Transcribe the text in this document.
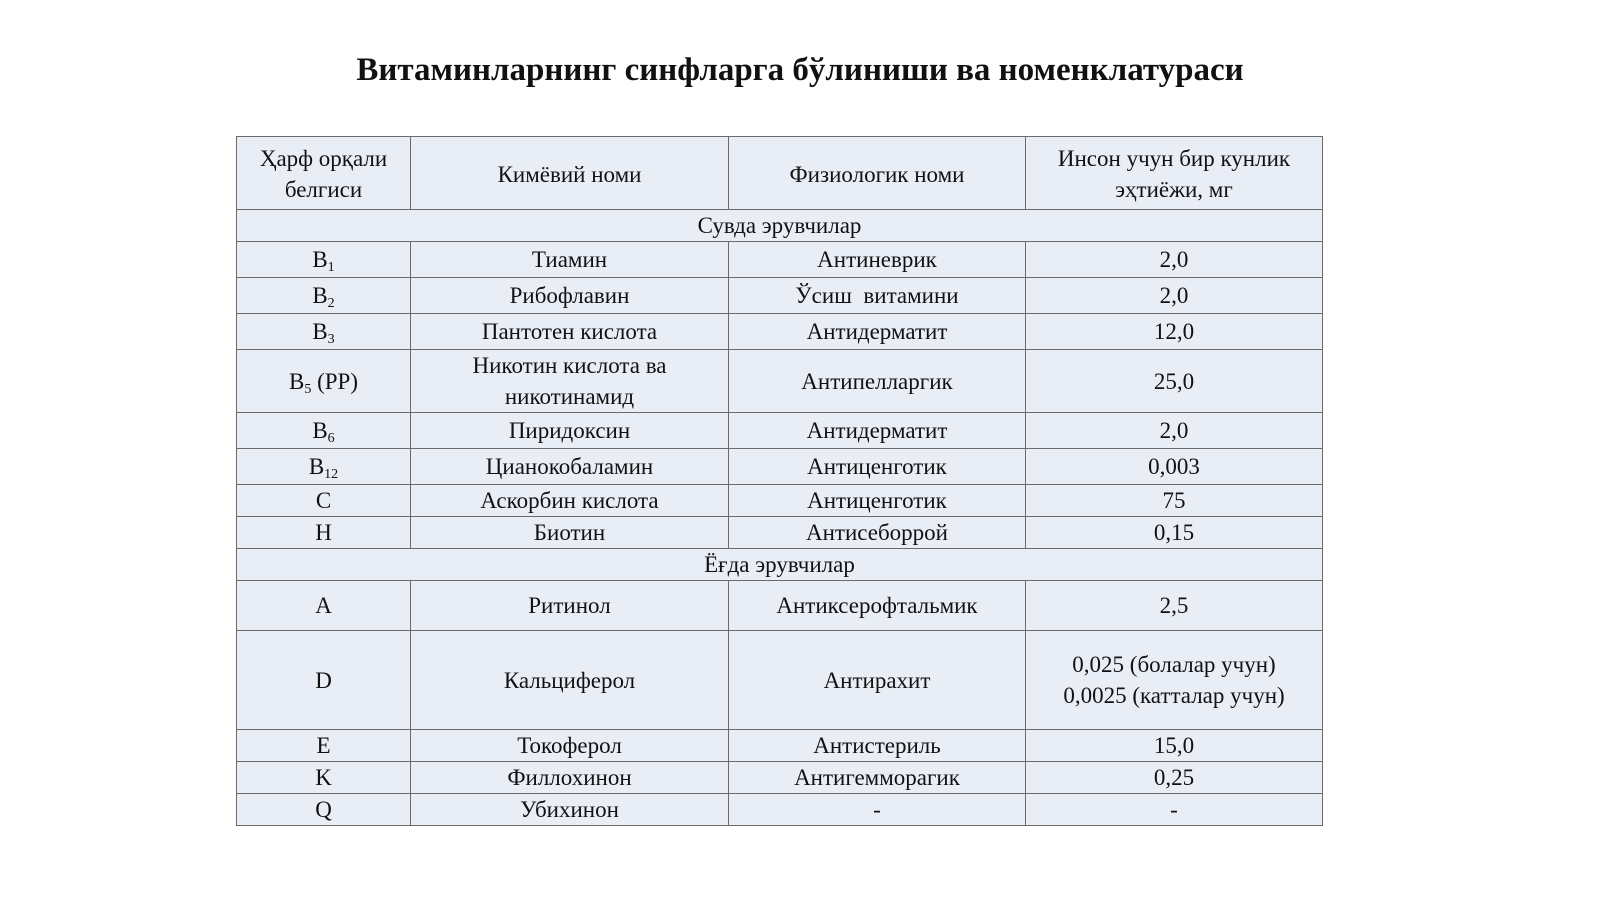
Витаминларнинг синфларга бўлиниши ва номенклатураси
Ҳарф орқали белгиси	Кимёвий номи	Физиологик номи	Инсон учун бир кунлик эҳтиёжи, мг
Сувда эрувчилар			
$B_1$	Тиамин	Антиневрик	2,0

$B_2$	Рибофлавин	Ўсиш  витамини	2,0

$B_3$	Пантотен кислота	Антидерматит	12,0

$B_5$ (PP)	Никотин кислота ва никотинамид	Антипелларгик	25,0

$B_6$	Пиридоксин	Антидерматит	2,0

$B_{12}$	Цианокобаламин	Антиценготик	0,003

C	Аскорбин кислота	Антиценготик	75

H	Биотин	Антисеборрой	0,15

Ёғда эрувчилар			
A	Ритинол	Антиксерофтальмик	2,5

D	Кальциферол	Антирахит	0,025 (болалар учун)
0,0025 (катталар учун)

E	Токоферол	Антистериль	15,0

K	Филлохинон	Антигемморагик	0,25

Q	Убихинон	-	-
